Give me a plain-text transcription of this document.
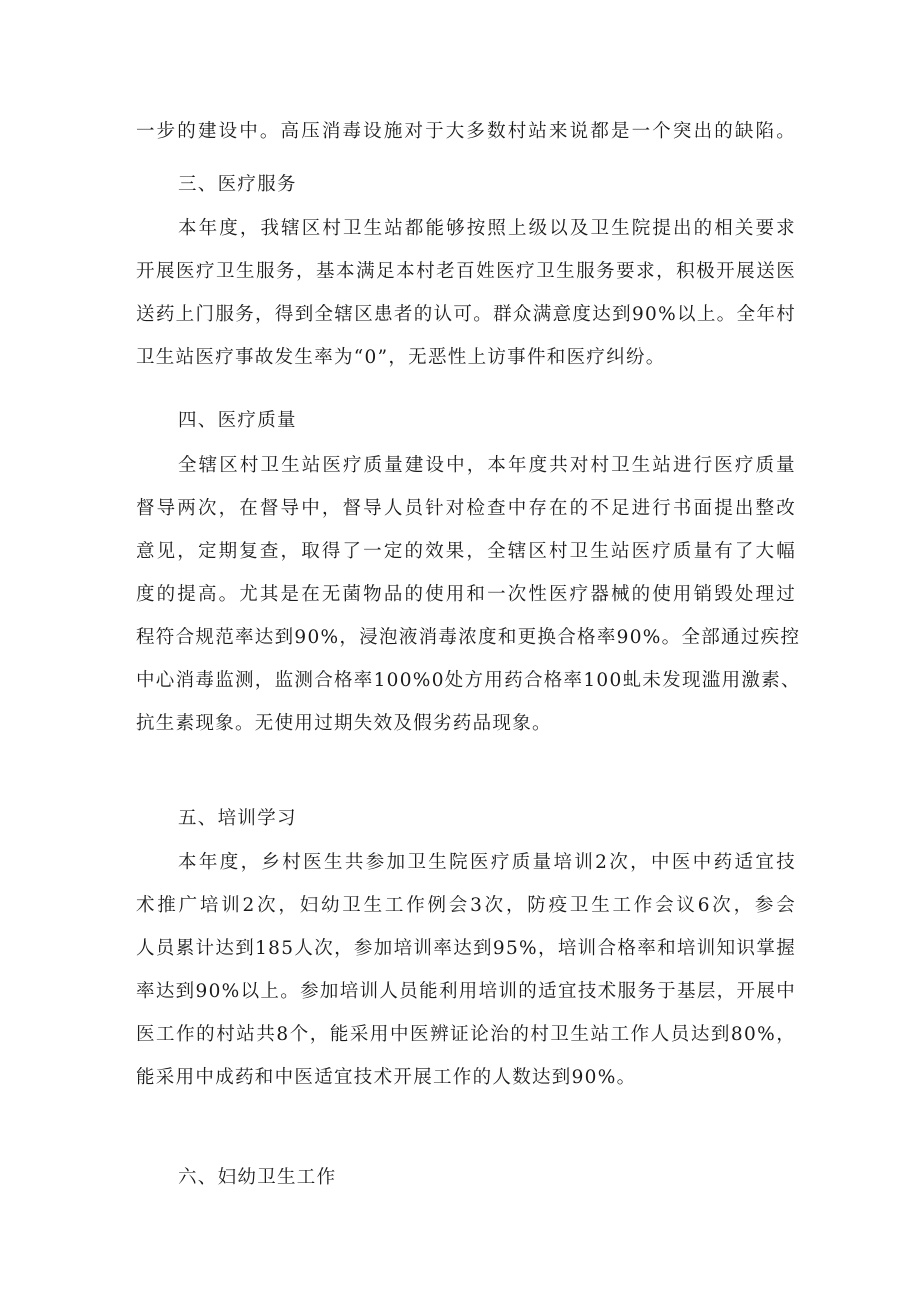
一步的建设中。高压消毒设施对于大多数村站来说都是一个突出的缺陷。
三、医疗服务
本年度，我辖区村卫生站都能够按照上级以及卫生院提出的相关要求
开展医疗卫生服务，基本满足本村老百姓医疗卫生服务要求，积极开展送医
送药上门服务，得到全辖区患者的认可。群众满意度达到90%以上。全年村
卫生站医疗事故发生率为“0”，无恶性上访事件和医疗纠纷。
四、医疗质量
全辖区村卫生站医疗质量建设中，本年度共对村卫生站进行医疗质量
督导两次，在督导中，督导人员针对检查中存在的不足进行书面提出整改
意见，定期复查，取得了一定的效果，全辖区村卫生站医疗质量有了大幅
度的提高。尤其是在无菌物品的使用和一次性医疗器械的使用销毁处理过
程符合规范率达到90%，浸泡液消毒浓度和更换合格率90%。全部通过疾控
中心消毒监测，监测合格率100%0处方用药合格率100虬未发现滥用激素、
抗生素现象。无使用过期失效及假劣药品现象。
五、培训学习
本年度，乡村医生共参加卫生院医疗质量培训2次，中医中药适宜技
术推广培训2次，妇幼卫生工作例会3次，防疫卫生工作会议6次，参会
人员累计达到185人次，参加培训率达到95%，培训合格率和培训知识掌握
率达到90%以上。参加培训人员能利用培训的适宜技术服务于基层，开展中
医工作的村站共8个，能采用中医辨证论治的村卫生站工作人员达到80%，
能采用中成药和中医适宜技术开展工作的人数达到90%。
六、妇幼卫生工作
